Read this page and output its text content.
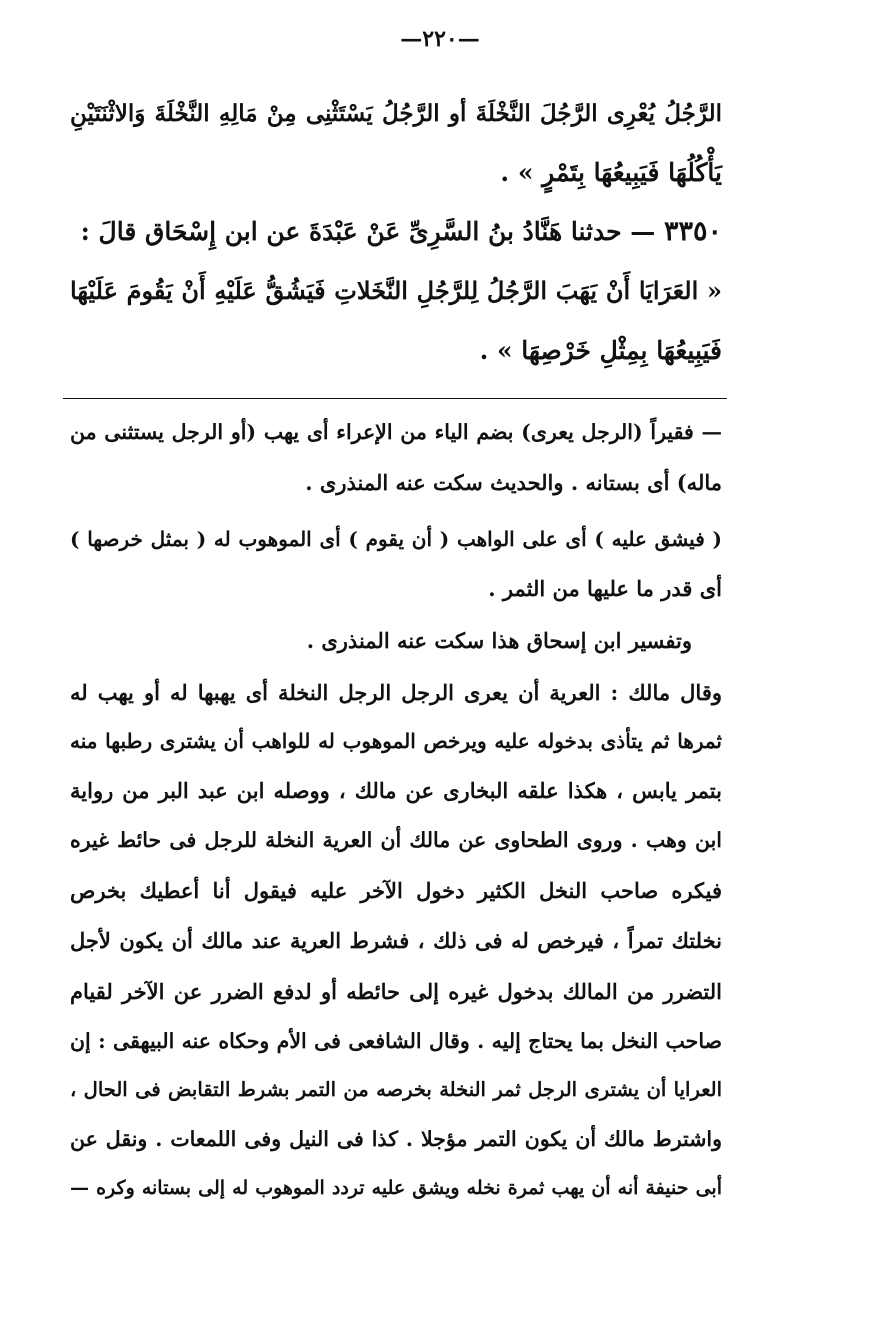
—٢٢٠—
الرَّجُلُ يُعْرِى الرَّجُلَ النَّخْلَةَ أو الرَّجُلُ يَسْتَثْنِى مِنْ مَالِهِ النَّخْلَةَ وَالاثْنَتَيْنِ
يَأْكُلُهَا فَيَبِيعُهَا بِتَمْرٍ » .
٣٣٥٠ — حدثنا هَنَّادُ بنُ السَّرِىِّ عَنْ عَبْدَةَ عن ابن إِسْحَاق قالَ :
« العَرَايَا أَنْ يَهَبَ الرَّجُلُ لِلرَّجُلِ النَّخَلاتِ فَيَشُقُّ عَلَيْهِ أَنْ يَقُومَ عَلَيْهَا
فَيَبِيعُهَا بِمِثْلِ خَرْصِهَا » .
— فقيراً (الرجل يعرى) بضم الياء من الإعراء أى يهب (أو الرجل يستثنى من
ماله) أى بستانه . والحديث سكت عنه المنذرى .
( فيشق عليه ) أى على الواهب ( أن يقوم ) أى الموهوب له ( بمثل خرصها )
أى قدر ما عليها من الثمر .
وتفسير ابن إسحاق هذا سكت عنه المنذرى .
وقال مالك : العرية أن يعرى الرجل الرجل النخلة أى يهبها له أو يهب له
ثمرها ثم يتأذى بدخوله عليه ويرخص الموهوب له للواهب أن يشترى رطبها منه
بتمر يابس ، هكذا علقه البخارى عن مالك ، ووصله ابن عبد البر من رواية
ابن وهب . وروى الطحاوى عن مالك أن العرية النخلة للرجل فى حائط غيره
فيكره صاحب النخل الكثير دخول الآخر عليه فيقول أنا أعطيك بخرص
نخلتك تمراً ، فيرخص له فى ذلك ، فشرط العرية عند مالك أن يكون لأجل
التضرر من المالك بدخول غيره إلى حائطه أو لدفع الضرر عن الآخر لقيام
صاحب النخل بما يحتاج إليه . وقال الشافعى فى الأم وحكاه عنه البيهقى : إن
العرايا أن يشترى الرجل ثمر النخلة بخرصه من التمر بشرط التقابض فى الحال ،
واشترط مالك أن يكون التمر مؤجلا . كذا فى النيل وفى اللمعات . ونقل عن
أبى حنيفة أنه أن يهب ثمرة نخله ويشق عليه تردد الموهوب له إلى بستانه وكره —
